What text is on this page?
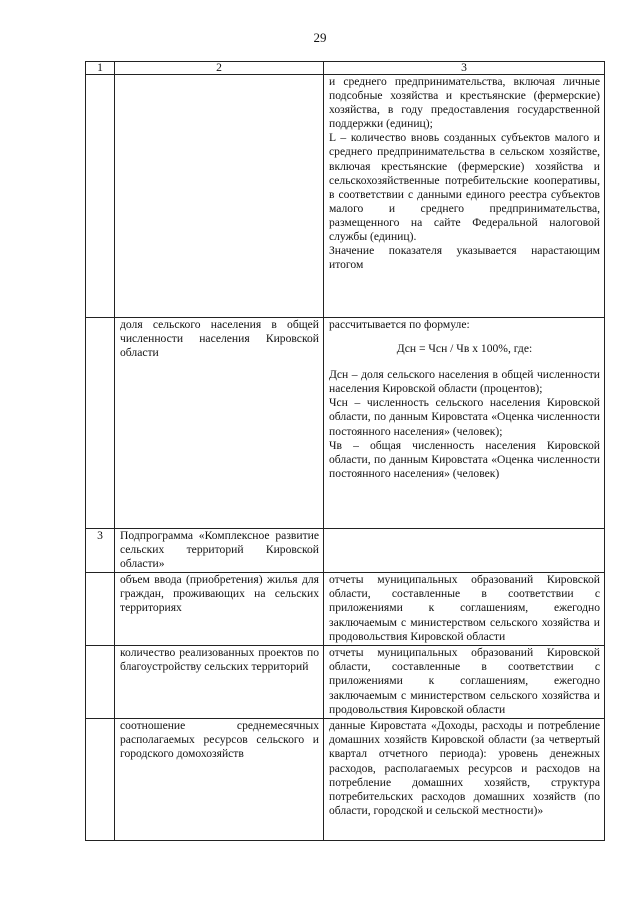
29
1	2	3

		и среднего предпринимательства, включая личные подсобные хозяйства и крестьянские (фермерские) хозяйства, в году предоставления государственной поддержки (единиц);
L – количество вновь созданных субъектов малого и среднего предпринимательства в сельском хозяйстве, включая крестьянские (фермерские) хозяйства и сельскохозяйственные потребительские кооперативы, в соответствии с данными единого реестра субъектов малого и среднего предпринимательства, размещенного на сайте Федеральной налоговой службы (единиц).
Значение показателя указывается нарастающим итогом

	доля сельского населения в общей численности населения Кировской области	рассчитывается по формуле:
Дсн = Чсн / Чв x 100%, где:
Дсн – доля сельского населения в общей численности населения Кировской области (процентов);
Чсн – численность сельского населения Кировской области, по данным Кировстата «Оценка численности постоянного населения» (человек);
Чв – общая численность населения Кировской области, по данным Кировстата «Оценка численности постоянного населения» (человек)

3	Подпрограмма «Комплексное развитие сельских территорий Кировской области»	
	объем ввода (приобретения) жилья для граждан, проживающих на сельских территориях	отчеты муниципальных образований Кировской области, составленные в соответствии с приложениями к соглашениям, ежегодно заключаемым с министерством сельского хозяйства и продовольствия Кировской области

	количество реализованных проектов по благоустройству сельских территорий	отчеты муниципальных образований Кировской области, составленные в соответствии с приложениями к соглашениям, ежегодно заключаемым с министерством сельского хозяйства и продовольствия Кировской области

	соотношение среднемесячных располагаемых ресурсов сельского и городского домохозяйств	данные Кировстата «Доходы, расходы и потребление домашних хозяйств Кировской области (за четвертый квартал отчетного периода): уровень денежных расходов, располагаемых ресурсов и расходов на потребление домашних хозяйств, структура потребительских расходов домашних хозяйств (по области, городской и сельской местности)»
